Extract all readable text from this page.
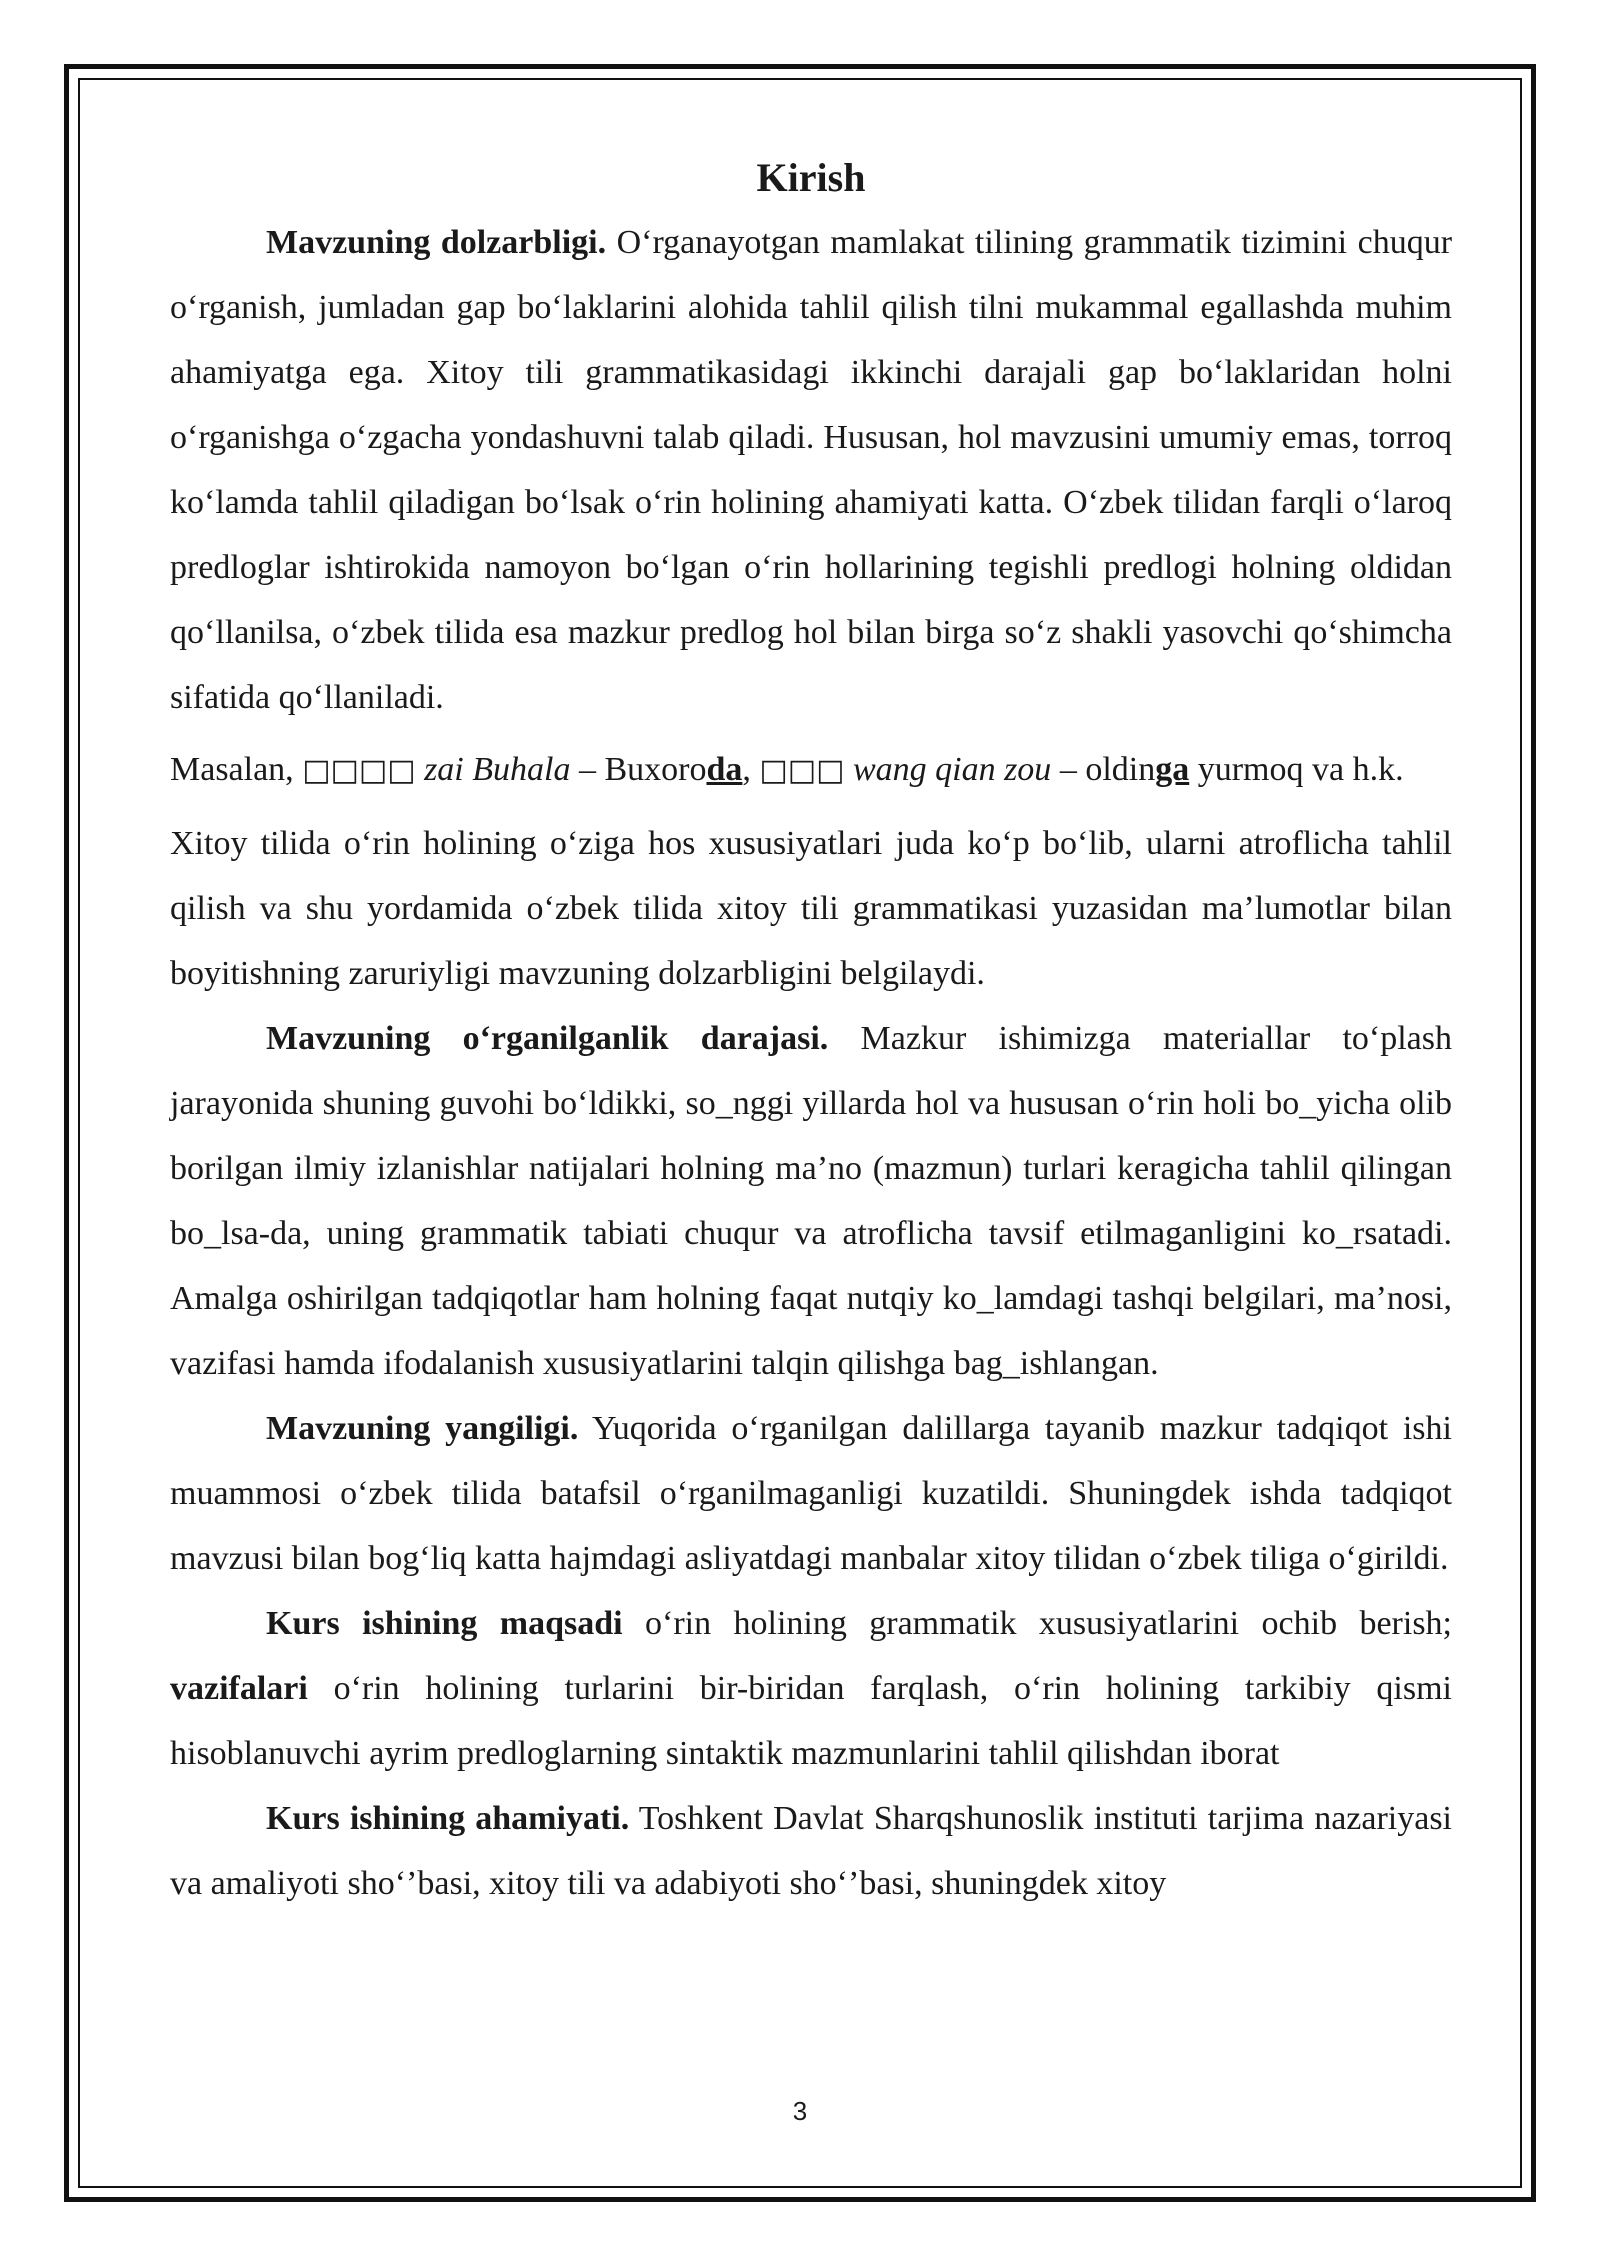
Kirish

Mavzuning dolzarbligi. O‘rganayotgan mamlakat tilining grammatik tizimini chuqur o‘rganish, jumladan gap bo‘laklarini alohida tahlil qilish tilni mukammal egallashda muhim ahamiyatga ega. Xitoy tili grammatikasidagi ikkinchi darajali gap bo‘laklaridan holni o‘rganishga o‘zgacha yondashuvni talab qiladi. Hususan, hol mavzusini umumiy emas, torroq ko‘lamda tahlil qiladigan bo‘lsak o‘rin holining ahamiyati katta. O‘zbek tilidan farqli o‘laroq predloglar ishtirokida namoyon bo‘lgan o‘rin hollarining tegishli predlogi holning oldidan qo‘llanilsa, o‘zbek tilida esa mazkur predlog hol bilan birga so‘z shakli yasovchi qo‘shimcha sifatida qo‘llaniladi.

Masalan, □□□□ zai Buhala – Buxoroda, □□□ wang qian zou – oldinga yurmoq va h.k.

Xitoy tilida o‘rin holining o‘ziga hos xususiyatlari juda ko‘p bo‘lib, ularni atroflicha tahlil qilish va shu yordamida o‘zbek tilida xitoy tili grammatikasi yuzasidan ma’lumotlar bilan boyitishning zaruriyligi mavzuning dolzarbligini belgilaydi.

Mavzuning o‘rganilganlik darajasi. Mazkur ishimizga materiallar to‘plash jarayonida shuning guvohi bo‘ldikki, so_nggi yillarda hol va hususan o‘rin holi bo_yicha olib borilgan ilmiy izlanishlar natijalari holning ma’no (mazmun) turlari keragicha tahlil qilingan bo_lsa-da, uning grammatik tabiati chuqur va atroflicha tavsif etilmaganligini ko_rsatadi. Amalga oshirilgan tadqiqotlar ham holning faqat nutqiy ko_lamdagi tashqi belgilari, ma’nosi, vazifasi hamda ifodalanish xususiyatlarini talqin qilishga bag_ishlangan.

Mavzuning yangiligi. Yuqorida o‘rganilgan dalillarga tayanib mazkur tadqiqot ishi muammosi o‘zbek tilida batafsil o‘rganilmaganligi kuzatildi. Shuningdek ishda tadqiqot mavzusi bilan bog‘liq katta hajmdagi asliyatdagi manbalar xitoy tilidan o‘zbek tiliga o‘girildi.

Kurs ishining maqsadi o‘rin holining grammatik xususiyatlarini ochib berish; vazifalari o‘rin holining turlarini bir-biridan farqlash, o‘rin holining tarkibiy qismi hisoblanuvchi ayrim predloglarning sintaktik mazmunlarini tahlil qilishdan iborat

Kurs ishining ahamiyati. Toshkent Davlat Sharqshunoslik instituti tarjima nazariyasi va amaliyoti sho‘’basi, xitoy tili va adabiyoti sho‘’basi, shuningdek xitoy

3
